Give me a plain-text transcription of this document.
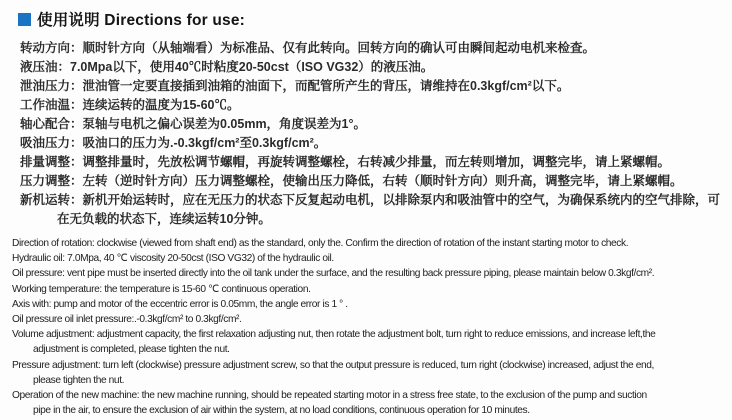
使用说明 Directions for use:

转动方向：顺时针方向（从轴端看）为标准品、仅有此转向。回转方向的确认可由瞬间起动电机来检查。

液压油：7.0Mpa以下，使用40℃时粘度20-50cst（ISO VG32）的液压油。

泄油压力：泄油管一定要直接插到油箱的油面下，而配管所产生的背压，请维持在0.3kgf/cm²以下。

工作油温：连续运转的温度为15-60℃。

轴心配合：泵轴与电机之偏心误差为0.05mm，角度误差为1°。

吸油压力：吸油口的压力为.-0.3kgf/cm²至0.3kgf/cm²。

排量调整：调整排量时，先放松调节螺帽，再旋转调整螺栓，右转减少排量，而左转则增加，调整完毕，请上紧螺帽。

压力调整：左转（逆时针方向）压力调整螺栓，使输出压力降低，右转（顺时针方向）则升高，调整完毕，请上紧螺帽。

新机运转：新机开始运转时，应在无压力的状态下反复起动电机，以排除泵内和吸油管中的空气，为确保系统内的空气排除，可

在无负载的状态下，连续运转10分钟。

Direction of rotation: clockwise (viewed from shaft end) as the standard, only the. Confirm the direction of rotation of the instant starting motor to check.

Hydraulic oil: 7.0Mpa, 40 ℃ viscosity 20-50cst (ISO VG32) of the hydraulic oil.

Oil pressure: vent pipe must be inserted directly into the oil tank under the surface, and the resulting back pressure piping, please maintain below 0.3kgf/cm².

Working temperature: the temperature is 15-60 ℃ continuous operation.

Axis with: pump and motor of the eccentric error is 0.05mm, the angle error is 1 ° .

Oil pressure oil inlet pressure:.-0.3kgf/cm² to 0.3kgf/cm².

Volume adjustment: adjustment capacity, the first relaxation adjusting nut, then rotate the adjustment bolt, turn right to reduce emissions, and increase left,the

adjustment is completed, please tighten the nut.

Pressure adjustment: turn left (clockwise) pressure adjustment screw, so that the output pressure is reduced, turn right (clockwise) increased, adjust the end,

please tighten the nut.

Operation of the new machine: the new machine running, should be repeated starting motor in a stress free state, to the exclusion of the pump and suction

pipe in the air, to ensure the exclusion of air within the system, at no load conditions, continuous operation for 10 minutes.
